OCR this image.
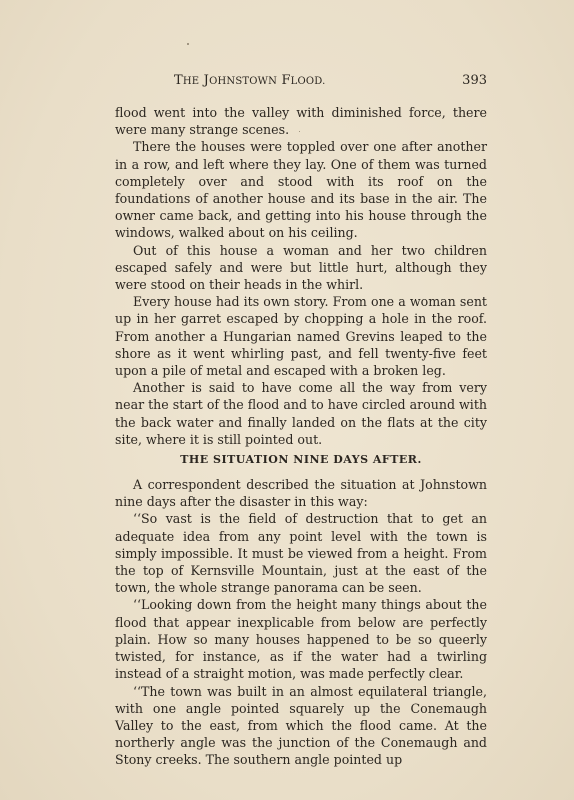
THE JOHNSTOWN FLOOD.	393

flood went into the valley with diminished force, there were many strange scenes.

There the houses were toppled over one after another in a row, and left where they lay. One of them was turned completely over and stood with its roof on the foundations of another house and its base in the air. The owner came back, and getting into his house through the windows, walked about on his ceiling.

Out of this house a woman and her two children escaped safely and were but little hurt, although they were stood on their heads in the whirl.

Every house had its own story. From one a woman sent up in her garret escaped by chopping a hole in the roof. From another a Hungarian named Grevins leaped to the shore as it went whirling past, and fell twenty-five feet upon a pile of metal and escaped with a broken leg.

Another is said to have come all the way from very near the start of the flood and to have circled around with the back water and finally landed on the flats at the city site, where it is still pointed out.

THE SITUATION NINE DAYS AFTER.

A correspondent described the situation at Johnstown nine days after the disaster in this way:

‘‘So vast is the field of destruction that to get an adequate idea from any point level with the town is simply impossible. It must be viewed from a height. From the top of Kernsville Mountain, just at the east of the town, the whole strange panorama can be seen.

‘‘Looking down from the height many things about the flood that appear inexplicable from below are perfectly plain. How so many houses happened to be so queerly twisted, for instance, as if the water had a twirling instead of a straight motion, was made perfectly clear.

‘‘The town was built in an almost equilateral triangle, with one angle pointed squarely up the Conemaugh Valley to the east, from which the flood came. At the northerly angle was the junction of the Conemaugh and Stony creeks. The southern angle pointed up
